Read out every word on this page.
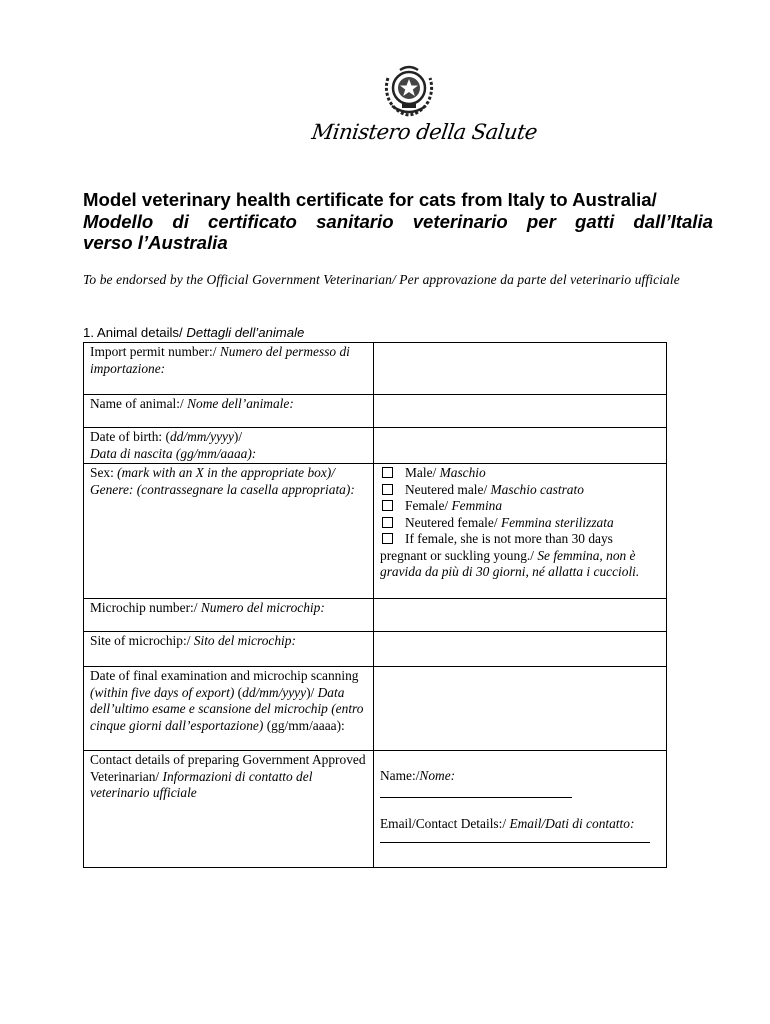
Ministero della Salute
Model veterinary health certificate for cats from Italy to Australia/
Modello di certificato sanitario veterinario per gatti dall’Italia
verso l’Australia
To be endorsed by the Official Government Veterinarian/ Per approvazione da parte del veterinario ufficiale
1. Animal details/ Dettagli dell’animale
Import permit number:/ Numero del permesso di importazione:	
Name of animal:/ Nome dell’animale:	
Date of birth: (dd/mm/yyyy)/
Data di nascita (gg/mm/aaaa):	
Sex: (mark with an X in the appropriate box)/ Genere: (contrassegnare la casella appropriata):	Male/ Maschio
Neutered male/ Maschio castrato
Female/ Femmina
Neutered female/ Femmina sterilizzata
If female, she is not more than 30 days pregnant or suckling young./ Se femmina, non è gravida da più di 30 giorni, né allatta i cuccioli.

Microchip number:/ Numero del microchip:	
Site of microchip:/ Sito del microchip:	
Date of final examination and microchip scanning (within five days of export) (dd/mm/yyyy)/ Data dell’ultimo esame e scansione del microchip (entro cinque giorni dall’esportazione) (gg/mm/aaaa):	
Contact details of preparing Government Approved Veterinarian/ Informazioni di contatto del veterinario ufficiale	Name:/Nome:
Email/Contact Details:/ Email/Dati di contatto:
